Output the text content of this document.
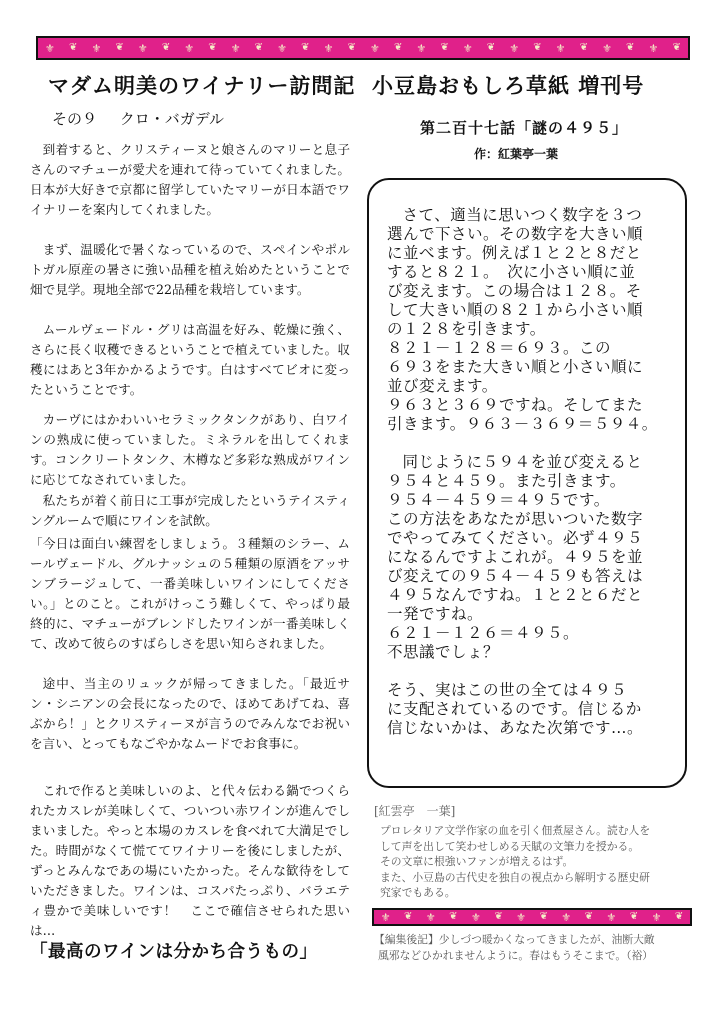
⚜ ❦ ⚜ ❦ ⚜ ❦ ⚜ ❦ ⚜ ❦ ⚜ ❦ ⚜ ❦ ⚜ ❦ ⚜ ❦ ⚜ ❦ ⚜ ❦ ⚜ ❦ ⚜ ❦ ⚜ ❦
⚜ ❦ ⚜ ❦ ⚜ ❦ ⚜ ❦ ⚜ ❦ ⚜ ❦ ⚜ ❦
マダム明美のワイナリー訪問記
その９ クロ・バガデル

到着すると、クリスティーヌと娘さんのマリーと息子さんのマチューが愛犬を連れて待っていてくれました。日本が大好きで京都に留学していたマリーが日本語でワイナリーを案内してくれました。

まず、温暖化で暑くなっているので、スペインやポルトガル原産の暑さに強い品種を植え始めたということで畑で見学。現地全部で22品種を栽培しています。

ムールヴェードル・グリは高温を好み、乾燥に強く、さらに長く収穫できるということで植えていました。収穫にはあと3年かかるようです。白はすべてビオに変ったということです。

カーヴにはかわいいセラミックタンクがあり、白ワインの熟成に使っていました。ミネラルを出してくれます。コンクリートタンク、木樽など多彩な熟成がワインに応じてなされていました。

私たちが着く前日に工事が完成したというテイスティングルームで順にワインを試飲。

「今日は面白い練習をしましょう。３種類のシラー、ムールヴェードル、グルナッシュの５種類の原酒をアッサンブラージュして、一番美味しいワインにしてください。」とのこと。これがけっこう難しくて、やっぱり最終的に、マチューがブレンドしたワインが一番美味しくて、改めて彼らのすばらしさを思い知らされました。

途中、当主のリュックが帰ってきました。「最近サン・シニアンの会長になったので、ほめてあげてね、喜ぶから！」とクリスティーヌが言うのでみんなでお祝いを言い、とってもなごやかなムードでお食事に。

これで作ると美味しいのよ、と代々伝わる鍋でつくられたカスレが美味しくて、ついつい赤ワインが進んでしまいました。やっと本場のカスレを食べれて大満足でした。時間がなくて慌ててワイナリーを後にしましたが、ずっとみんなであの場にいたかった。そんな歓待をしていただきました。ワインは、コスパたっぷり、バラエティ豊かで美味しいです！　ここで確信させられた思いは…

「最高のワインは分かち合うもの」
小豆島おもしろ草紙 増刊号
第二百十七話「謎の４９５」
作：紅葉亭一葉

さて、適当に思いつく数字を３つ

選んで下さい。その数字を大きい順

に並べます。例えば１と２と８だと

すると８２１。　次に小さい順に並

び変えます。この場合は１２８。そ

して大きい順の８２１から小さい順

の１２８を引きます。

８２１－１２８＝６９３。この

６９３をまた大きい順と小さい順に

並び変えます。

９６３と３６９ですね。そしてまた

引きます。９６３－３６９＝５９４。

同じように５９４を並び変えると

９５４と４５９。また引きます。

９５４－４５９＝４９５です。

この方法をあなたが思いついた数字

でやってみてください。必ず４９５

になるんですよこれが。４９５を並

び変えての９５４－４５９も答えは

４９５なんですね。１と２と６だと

一発ですね。

６２１－１２６＝４９５。

不思議でしょ？

そう、実はこの世の全ては４９５

に支配されているのです。信じるか

信じないかは、あなた次第です…。

[紅雲亭　一葉]
プロレタリア文学作家の血を引く佃煮屋さん。読む人を
して声を出して笑わせしめる天賦の文筆力を授かる。
その文章に根強いファンが増えるはず。
また、小豆島の古代史を独自の視点から解明する歴史研
究家でもある。
【編集後記】少しづつ暖かくなってきましたが、油断大敵
風邪などひかれませんように。春はもうそこまで。（裕）
